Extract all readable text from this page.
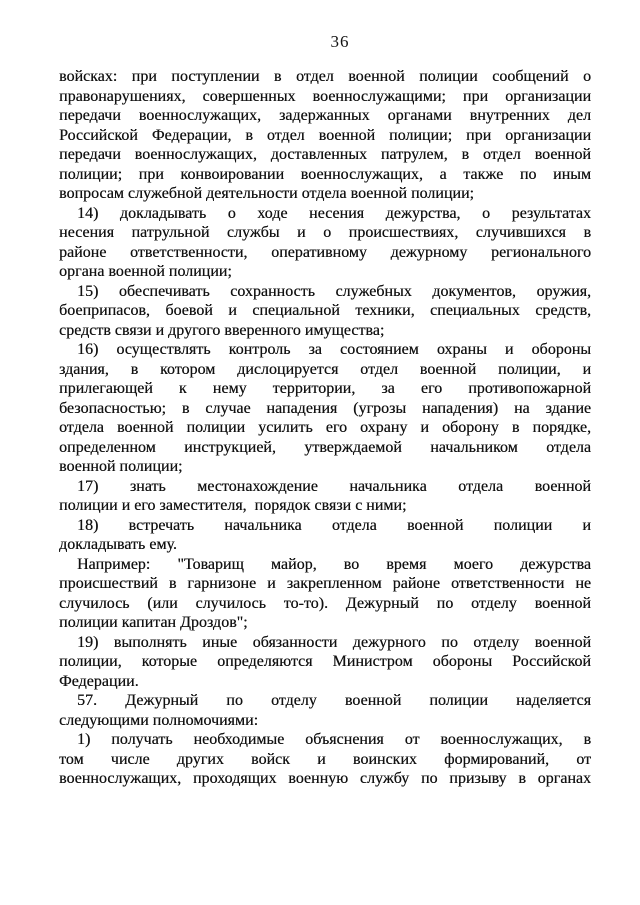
36
войсках: при поступлении в отдел военной полиции сообщений о
правонарушениях, совершенных военнослужащими; при организации
передачи военнослужащих, задержанных органами внутренних дел
Российской Федерации, в отдел военной полиции; при организации
передачи военнослужащих, доставленных патрулем, в отдел военной
полиции; при конвоировании военнослужащих, а также по иным
вопросам служебной деятельности отдела военной полиции;
14) докладывать о ходе несения дежурства, о результатах
несения патрульной службы и о происшествиях, случившихся в
районе ответственности, оперативному дежурному регионального
органа военной полиции;
15) обеспечивать сохранность служебных документов, оружия,
боеприпасов, боевой и специальной техники, специальных средств,
средств связи и другого вверенного имущества;
16) осуществлять контроль за состоянием охраны и обороны
здания, в котором дислоцируется отдел военной полиции, и
прилегающей к нему территории, за его противопожарной
безопасностью; в случае нападения (угрозы нападения) на здание
отдела военной полиции усилить его охрану и оборону в порядке,
определенном инструкцией, утверждаемой начальником отдела
военной полиции;
17) знать местонахождение начальника отдела военной
полиции и его заместителя,  порядок связи с ними;
18) встречать начальника отдела военной полиции и
докладывать ему.
Например: "Товарищ майор, во время моего дежурства
происшествий в гарнизоне и закрепленном районе ответственности не
случилось (или случилось то-то). Дежурный по отделу военной
полиции капитан Дроздов";
19) выполнять иные обязанности дежурного по отделу военной
полиции, которые определяются Министром обороны Российской
Федерации.
57. Дежурный по отделу военной полиции наделяется
следующими полномочиями:
1) получать необходимые объяснения от военнослужащих, в
том числе других войск и воинских формирований, от
военнослужащих, проходящих военную службу по призыву в органах
